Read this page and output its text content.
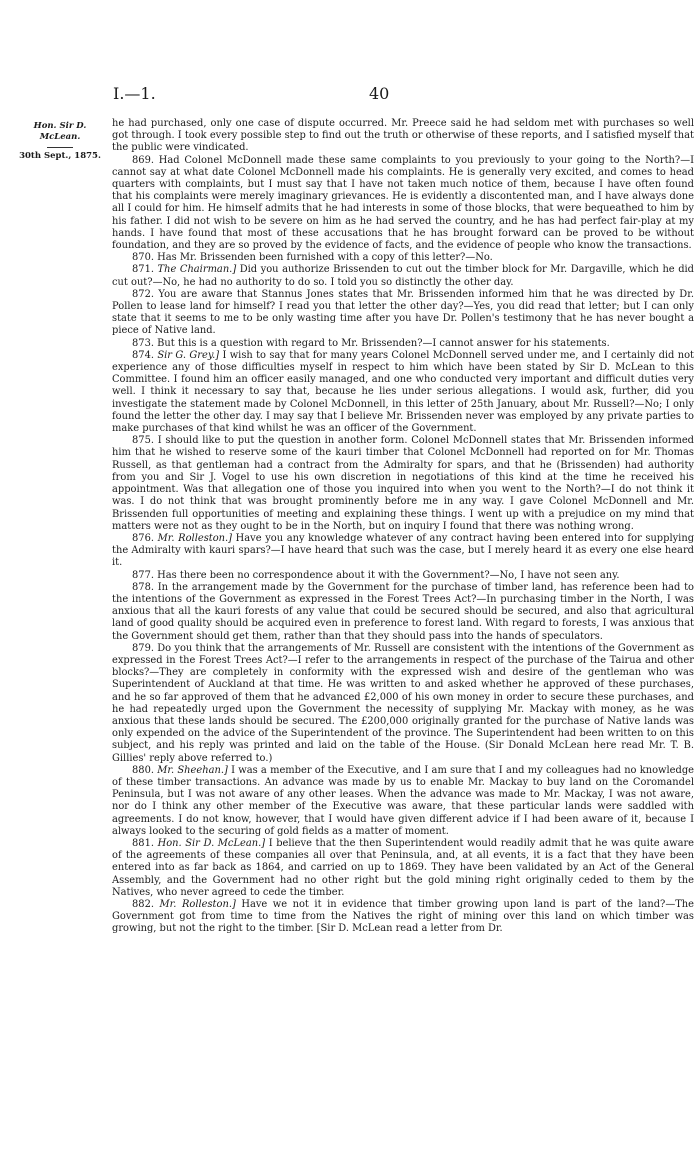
I.—1.	40
Hon. Sir D. McLean.
30th Sept., 1875.

he had purchased, only one case of dispute occurred. Mr. Preece said he had seldom met with purchases so well got through. I took every possible step to find out the truth or otherwise of these reports, and I satisfied myself that the public were vindicated.

869. Had Colonel McDonnell made these same complaints to you previously to your going to the North?—I cannot say at what date Colonel McDonnell made his complaints. He is generally very excited, and comes to head quarters with complaints, but I must say that I have not taken much notice of them, because I have often found that his complaints were merely imaginary grievances. He is evidently a discontented man, and I have always done all I could for him. He himself admits that he had interests in some of those blocks, that were bequeathed to him by his father. I did not wish to be severe on him as he had served the country, and he has had perfect fair-play at my hands. I have found that most of these accusations that he has brought forward can be proved to be without foundation, and they are so proved by the evidence of facts, and the evidence of people who know the transactions.

870. Has Mr. Brissenden been furnished with a copy of this letter?—No.

871. The Chairman.] Did you authorize Brissenden to cut out the timber block for Mr. Dargaville, which he did cut out?—No, he had no authority to do so. I told you so distinctly the other day.

872. You are aware that Stannus Jones states that Mr. Brissenden informed him that he was directed by Dr. Pollen to lease land for himself? I read you that letter the other day?—Yes, you did read that letter; but I can only state that it seems to me to be only wasting time after you have Dr. Pollen's testimony that he has never bought a piece of Native land.

873. But this is a question with regard to Mr. Brissenden?—I cannot answer for his statements.

874. Sir G. Grey.] I wish to say that for many years Colonel McDonnell served under me, and I certainly did not experience any of those difficulties myself in respect to him which have been stated by Sir D. McLean to this Committee. I found him an officer easily managed, and one who conducted very important and difficult duties very well. I think it necessary to say that, because he lies under serious allegations. I would ask, further, did you investigate the statement made by Colonel McDonnell, in this letter of 25th January, about Mr. Russell?—No; I only found the letter the other day. I may say that I believe Mr. Brissenden never was employed by any private parties to make purchases of that kind whilst he was an officer of the Government.

875. I should like to put the question in another form. Colonel McDonnell states that Mr. Brissenden informed him that he wished to reserve some of the kauri timber that Colonel McDonnell had reported on for Mr. Thomas Russell, as that gentleman had a contract from the Admiralty for spars, and that he (Brissenden) had authority from you and Sir J. Vogel to use his own discretion in negotiations of this kind at the time he received his appointment. Was that allegation one of those you inquired into when you went to the North?—I do not think it was. I do not think that was brought prominently before me in any way. I gave Colonel McDonnell and Mr. Brissenden full opportunities of meeting and explaining these things. I went up with a prejudice on my mind that matters were not as they ought to be in the North, but on inquiry I found that there was nothing wrong.

876. Mr. Rolleston.] Have you any knowledge whatever of any contract having been entered into for supplying the Admiralty with kauri spars?—I have heard that such was the case, but I merely heard it as every one else heard it.

877. Has there been no correspondence about it with the Government?—No, I have not seen any.

878. In the arrangement made by the Government for the purchase of timber land, has reference been had to the intentions of the Government as expressed in the Forest Trees Act?—In purchasing timber in the North, I was anxious that all the kauri forests of any value that could be secured should be secured, and also that agricultural land of good quality should be acquired even in preference to forest land. With regard to forests, I was anxious that the Government should get them, rather than that they should pass into the hands of speculators.

879. Do you think that the arrangements of Mr. Russell are consistent with the intentions of the Government as expressed in the Forest Trees Act?—I refer to the arrangements in respect of the purchase of the Tairua and other blocks?—They are completely in conformity with the expressed wish and desire of the gentleman who was Superintendent of Auckland at that time. He was written to and asked whether he approved of these purchases, and he so far approved of them that he advanced £2,000 of his own money in order to secure these purchases, and he had repeatedly urged upon the Government the necessity of supplying Mr. Mackay with money, as he was anxious that these lands should be secured. The £200,000 originally granted for the purchase of Native lands was only expended on the advice of the Superintendent of the province. The Superintendent had been written to on this subject, and his reply was printed and laid on the table of the House. (Sir Donald McLean here read Mr. T. B. Gillies' reply above referred to.)

880. Mr. Sheehan.] I was a member of the Executive, and I am sure that I and my colleagues had no knowledge of these timber transactions. An advance was made by us to enable Mr. Mackay to buy land on the Coromandel Peninsula, but I was not aware of any other leases. When the advance was made to Mr. Mackay, I was not aware, nor do I think any other member of the Executive was aware, that these particular lands were saddled with agreements. I do not know, however, that I would have given different advice if I had been aware of it, because I always looked to the securing of gold fields as a matter of moment.

881. Hon. Sir D. McLean.] I believe that the then Superintendent would readily admit that he was quite aware of the agreements of these companies all over that Peninsula, and, at all events, it is a fact that they have been entered into as far back as 1864, and carried on up to 1869. They have been validated by an Act of the General Assembly, and the Government had no other right but the gold mining right originally ceded to them by the Natives, who never agreed to cede the timber.

882. Mr. Rolleston.] Have we not it in evidence that timber growing upon land is part of the land?—The Government got from time to time from the Natives the right of mining over this land on which timber was growing, but not the right to the timber. [Sir D. McLean read a letter from Dr.
